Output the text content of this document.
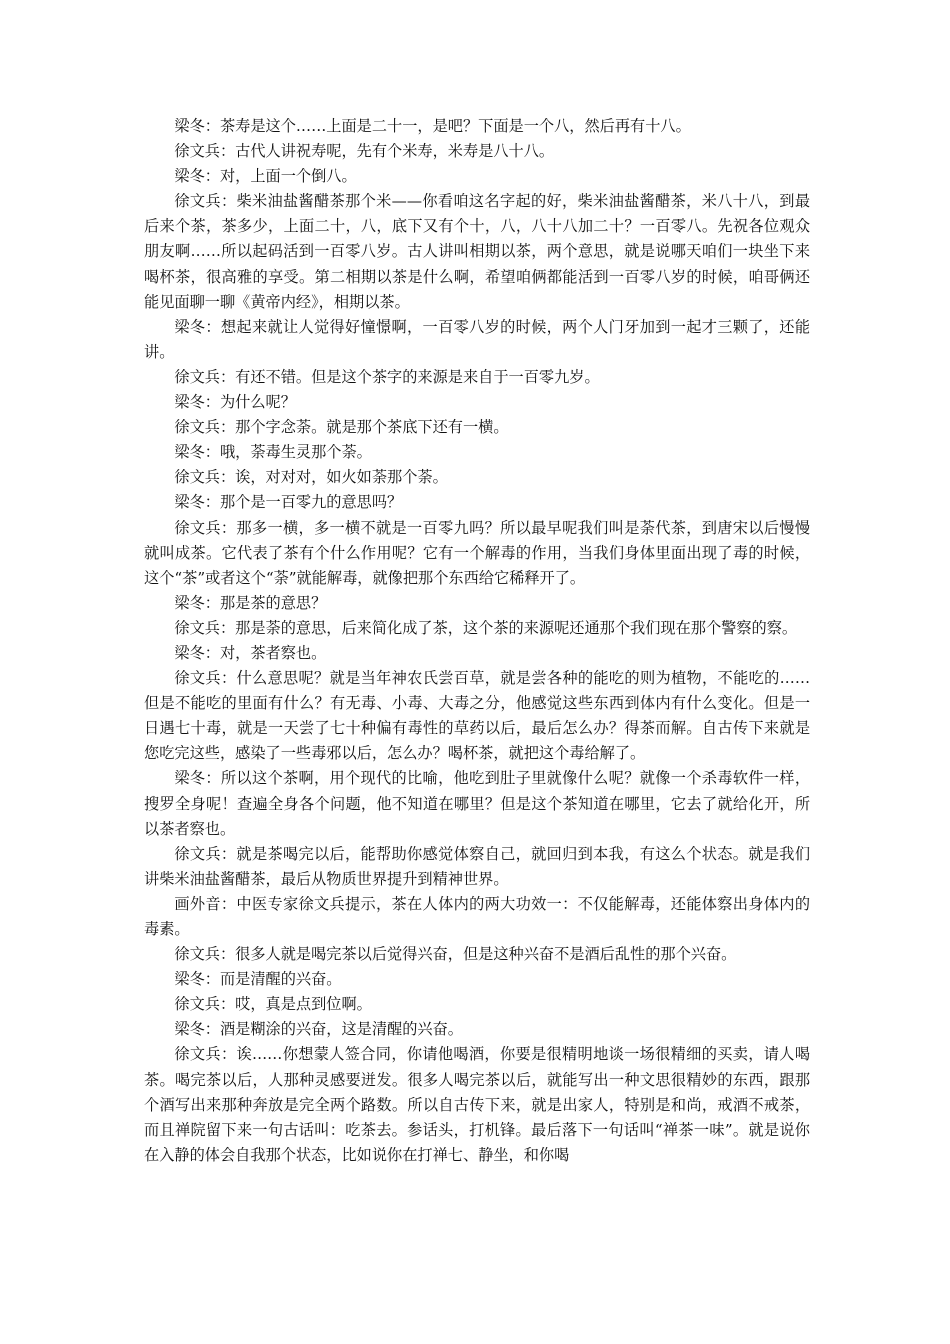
梁冬：茶寿是这个……上面是二十一，是吧？下面是一个八，然后再有十八。

徐文兵：古代人讲祝寿呢，先有个米寿，米寿是八十八。

梁冬：对，上面一个倒八。

徐文兵：柴米油盐酱醋茶那个米——你看咱这名字起的好，柴米油盐酱醋茶，米八十八，到最后来个茶，茶多少，上面二十，八，底下又有个十，八，八十八加二十？一百零八。先祝各位观众朋友啊……所以起码活到一百零八岁。古人讲叫相期以茶，两个意思，就是说哪天咱们一块坐下来喝杯茶，很高雅的享受。第二相期以茶是什么啊，希望咱俩都能活到一百零八岁的时候，咱哥俩还能见面聊一聊《黄帝内经》，相期以茶。

梁冬：想起来就让人觉得好憧憬啊，一百零八岁的时候，两个人门牙加到一起才三颗了，还能讲。

徐文兵：有还不错。但是这个茶字的来源是来自于一百零九岁。

梁冬：为什么呢？

徐文兵：那个字念荼。就是那个茶底下还有一横。

梁冬：哦，荼毒生灵那个荼。

徐文兵：诶，对对对，如火如荼那个荼。

梁冬：那个是一百零九的意思吗？

徐文兵：那多一横，多一横不就是一百零九吗？所以最早呢我们叫是荼代茶，到唐宋以后慢慢就叫成茶。它代表了茶有个什么作用呢？它有一个解毒的作用，当我们身体里面出现了毒的时候，这个“茶”或者这个“荼”就能解毒，就像把那个东西给它稀释开了。

梁冬：那是茶的意思？

徐文兵：那是荼的意思，后来简化成了茶，这个茶的来源呢还通那个我们现在那个警察的察。

梁冬：对，茶者察也。

徐文兵：什么意思呢？就是当年神农氏尝百草，就是尝各种的能吃的则为植物，不能吃的……但是不能吃的里面有什么？有无毒、小毒、大毒之分，他感觉这些东西到体内有什么变化。但是一日遇七十毒，就是一天尝了七十种偏有毒性的草药以后，最后怎么办？得茶而解。自古传下来就是您吃完这些，感染了一些毒邪以后，怎么办？喝杯茶，就把这个毒给解了。

梁冬：所以这个茶啊，用个现代的比喻，他吃到肚子里就像什么呢？就像一个杀毒软件一样，搜罗全身呢！查遍全身各个问题，他不知道在哪里？但是这个茶知道在哪里，它去了就给化开，所以茶者察也。

徐文兵：就是茶喝完以后，能帮助你感觉体察自己，就回归到本我，有这么个状态。就是我们讲柴米油盐酱醋茶，最后从物质世界提升到精神世界。

画外音：中医专家徐文兵提示，茶在人体内的两大功效一：不仅能解毒，还能体察出身体内的毒素。

徐文兵：很多人就是喝完茶以后觉得兴奋，但是这种兴奋不是酒后乱性的那个兴奋。

梁冬：而是清醒的兴奋。

徐文兵：哎，真是点到位啊。

梁冬：酒是糊涂的兴奋，这是清醒的兴奋。

徐文兵：诶……你想蒙人签合同，你请他喝酒，你要是很精明地谈一场很精细的买卖，请人喝茶。喝完茶以后，人那种灵感要迸发。很多人喝完茶以后，就能写出一种文思很精妙的东西，跟那个酒写出来那种奔放是完全两个路数。所以自古传下来，就是出家人，特别是和尚，戒酒不戒茶，而且禅院留下来一句古话叫：吃茶去。参话头，打机锋。最后落下一句话叫“禅茶一味”。就是说你在入静的体会自我那个状态，比如说你在打禅七、静坐，和你喝
